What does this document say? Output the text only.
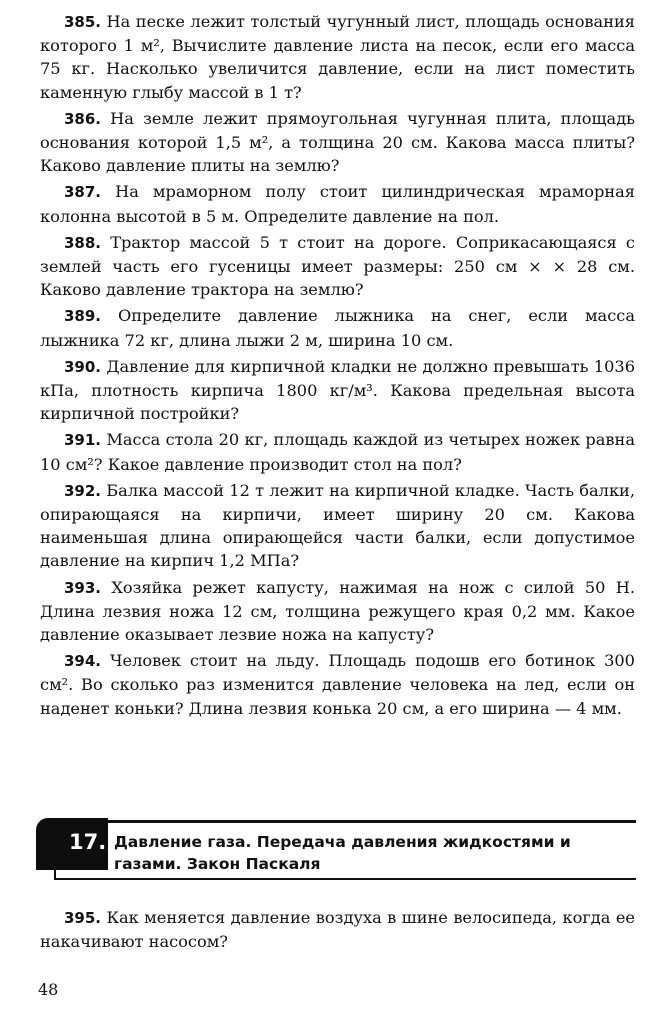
385. На песке лежит толстый чугунный лист, площадь основания которого 1 м², Вычислите давление листа на песок, если его масса 75 кг. Насколько увеличится давление, если на лист поместить каменную глыбу массой в 1 т?

386. На земле лежит прямоугольная чугунная плита, площадь основания которой 1,5 м², а толщина 20 см. Какова масса плиты? Каково давление плиты на землю?

387. На мраморном полу стоит цилиндрическая мраморная колонна высотой в 5 м. Определите давление на пол.

388. Трактор массой 5 т стоит на дороге. Соприкасающаяся с землей часть его гусеницы имеет размеры: 250 см × × 28 см. Каково давление трактора на землю?

389. Определите давление лыжника на снег, если масса лыжника 72 кг, длина лыжи 2 м, ширина 10 см.

390. Давление для кирпичной кладки не должно превышать 1036 кПа, плотность кирпича 1800 кг/м³. Какова предельная высота кирпичной постройки?

391. Масса стола 20 кг, площадь каждой из четырех ножек равна 10 см²? Какое давление производит стол на пол?

392. Балка массой 12 т лежит на кирпичной кладке. Часть балки, опирающаяся на кирпичи, имеет ширину 20 см. Какова наименьшая длина опирающейся части балки, если допустимое давление на кирпич 1,2 МПа?

393. Хозяйка режет капусту, нажимая на нож с силой 50 Н. Длина лезвия ножа 12 см, толщина режущего края 0,2 мм. Какое давление оказывает лезвие ножа на капусту?

394. Человек стоит на льду. Площадь подошв его ботинок 300 см². Во сколько раз изменится давление человека на лед, если он наденет коньки? Длина лезвия конька 20 см, а его ширина — 4 мм.

17. Давление газа. Передача давления жидкостями и газами. Закон Паскаля

395. Как меняется давление воздуха в шине велосипеда, когда ее накачивают насосом?

48
